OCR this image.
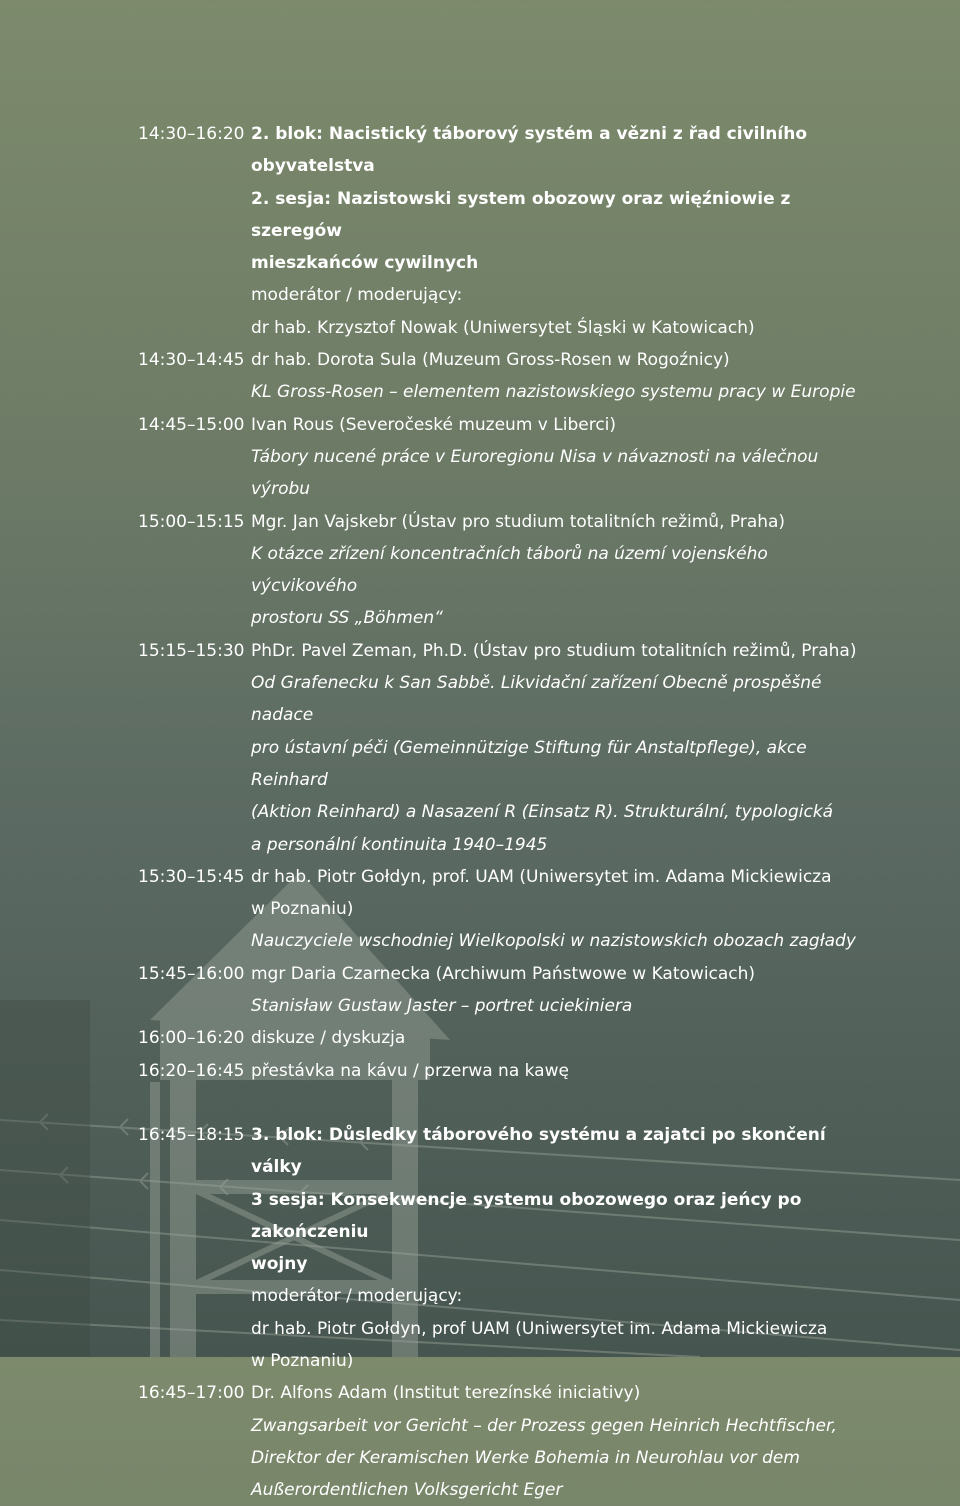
14:30–16:20 2. blok: Nacistický táborový systém a vězni z řad civilního obyvatelstva
2. sesja: Nazistowski system obozowy oraz więźniowie z szeregów
mieszkańców cywilnych
moderátor / moderujący:
dr hab. Krzysztof Nowak (Uniwersytet Śląski w Katowicach)
14:30–14:45 dr hab. Dorota Sula (Muzeum Gross-Rosen w Rogoźnicy)
KL Gross-Rosen – elementem nazistowskiego systemu pracy w Europie
14:45–15:00 Ivan Rous (Severočeské muzeum v Liberci)
Tábory nucené práce v Euroregionu Nisa v návaznosti na válečnou výrobu
15:00–15:15 Mgr. Jan Vajskebr (Ústav pro studium totalitních režimů, Praha)
K otázce zřízení koncentračních táborů na území vojenského výcvikového
prostoru SS „Böhmen“
15:15–15:30 PhDr. Pavel Zeman, Ph.D. (Ústav pro studium totalitních režimů, Praha)
Od Grafenecku k San Sabbě. Likvidační zařízení Obecně prospěšné nadace
pro ústavní péči (Gemeinnützige Stiftung für Anstaltpflege), akce Reinhard
(Aktion Reinhard) a Nasazení R (Einsatz R). Strukturální, typologická
a personální kontinuita 1940–1945
15:30–15:45 dr hab. Piotr Gołdyn, prof. UAM (Uniwersytet im. Adama Mickiewicza
w Poznaniu)
Nauczyciele wschodniej Wielkopolski w nazistowskich obozach zagłady
15:45–16:00 mgr Daria Czarnecka (Archiwum Państwowe w Katowicach)
Stanisław Gustaw Jaster – portret uciekiniera
16:00–16:20 diskuze / dyskuzja
16:20–16:45 přestávka na kávu / przerwa na kawę
16:45–18:15 3. blok: Důsledky táborového systému a zajatci po skončení války
3 sesja: Konsekwencje systemu obozowego oraz jeńcy po zakończeniu
wojny
moderátor / moderujący:
dr hab. Piotr Gołdyn, prof UAM (Uniwersytet im. Adama Mickiewicza
w Poznaniu)
16:45–17:00 Dr. Alfons Adam (Institut terezínské iniciativy)
Zwangsarbeit vor Gericht – der Prozess gegen Heinrich Hechtfischer,
Direktor der Keramischen Werke Bohemia in Neurohlau vor dem
Außerordentlichen Volksgericht Eger
